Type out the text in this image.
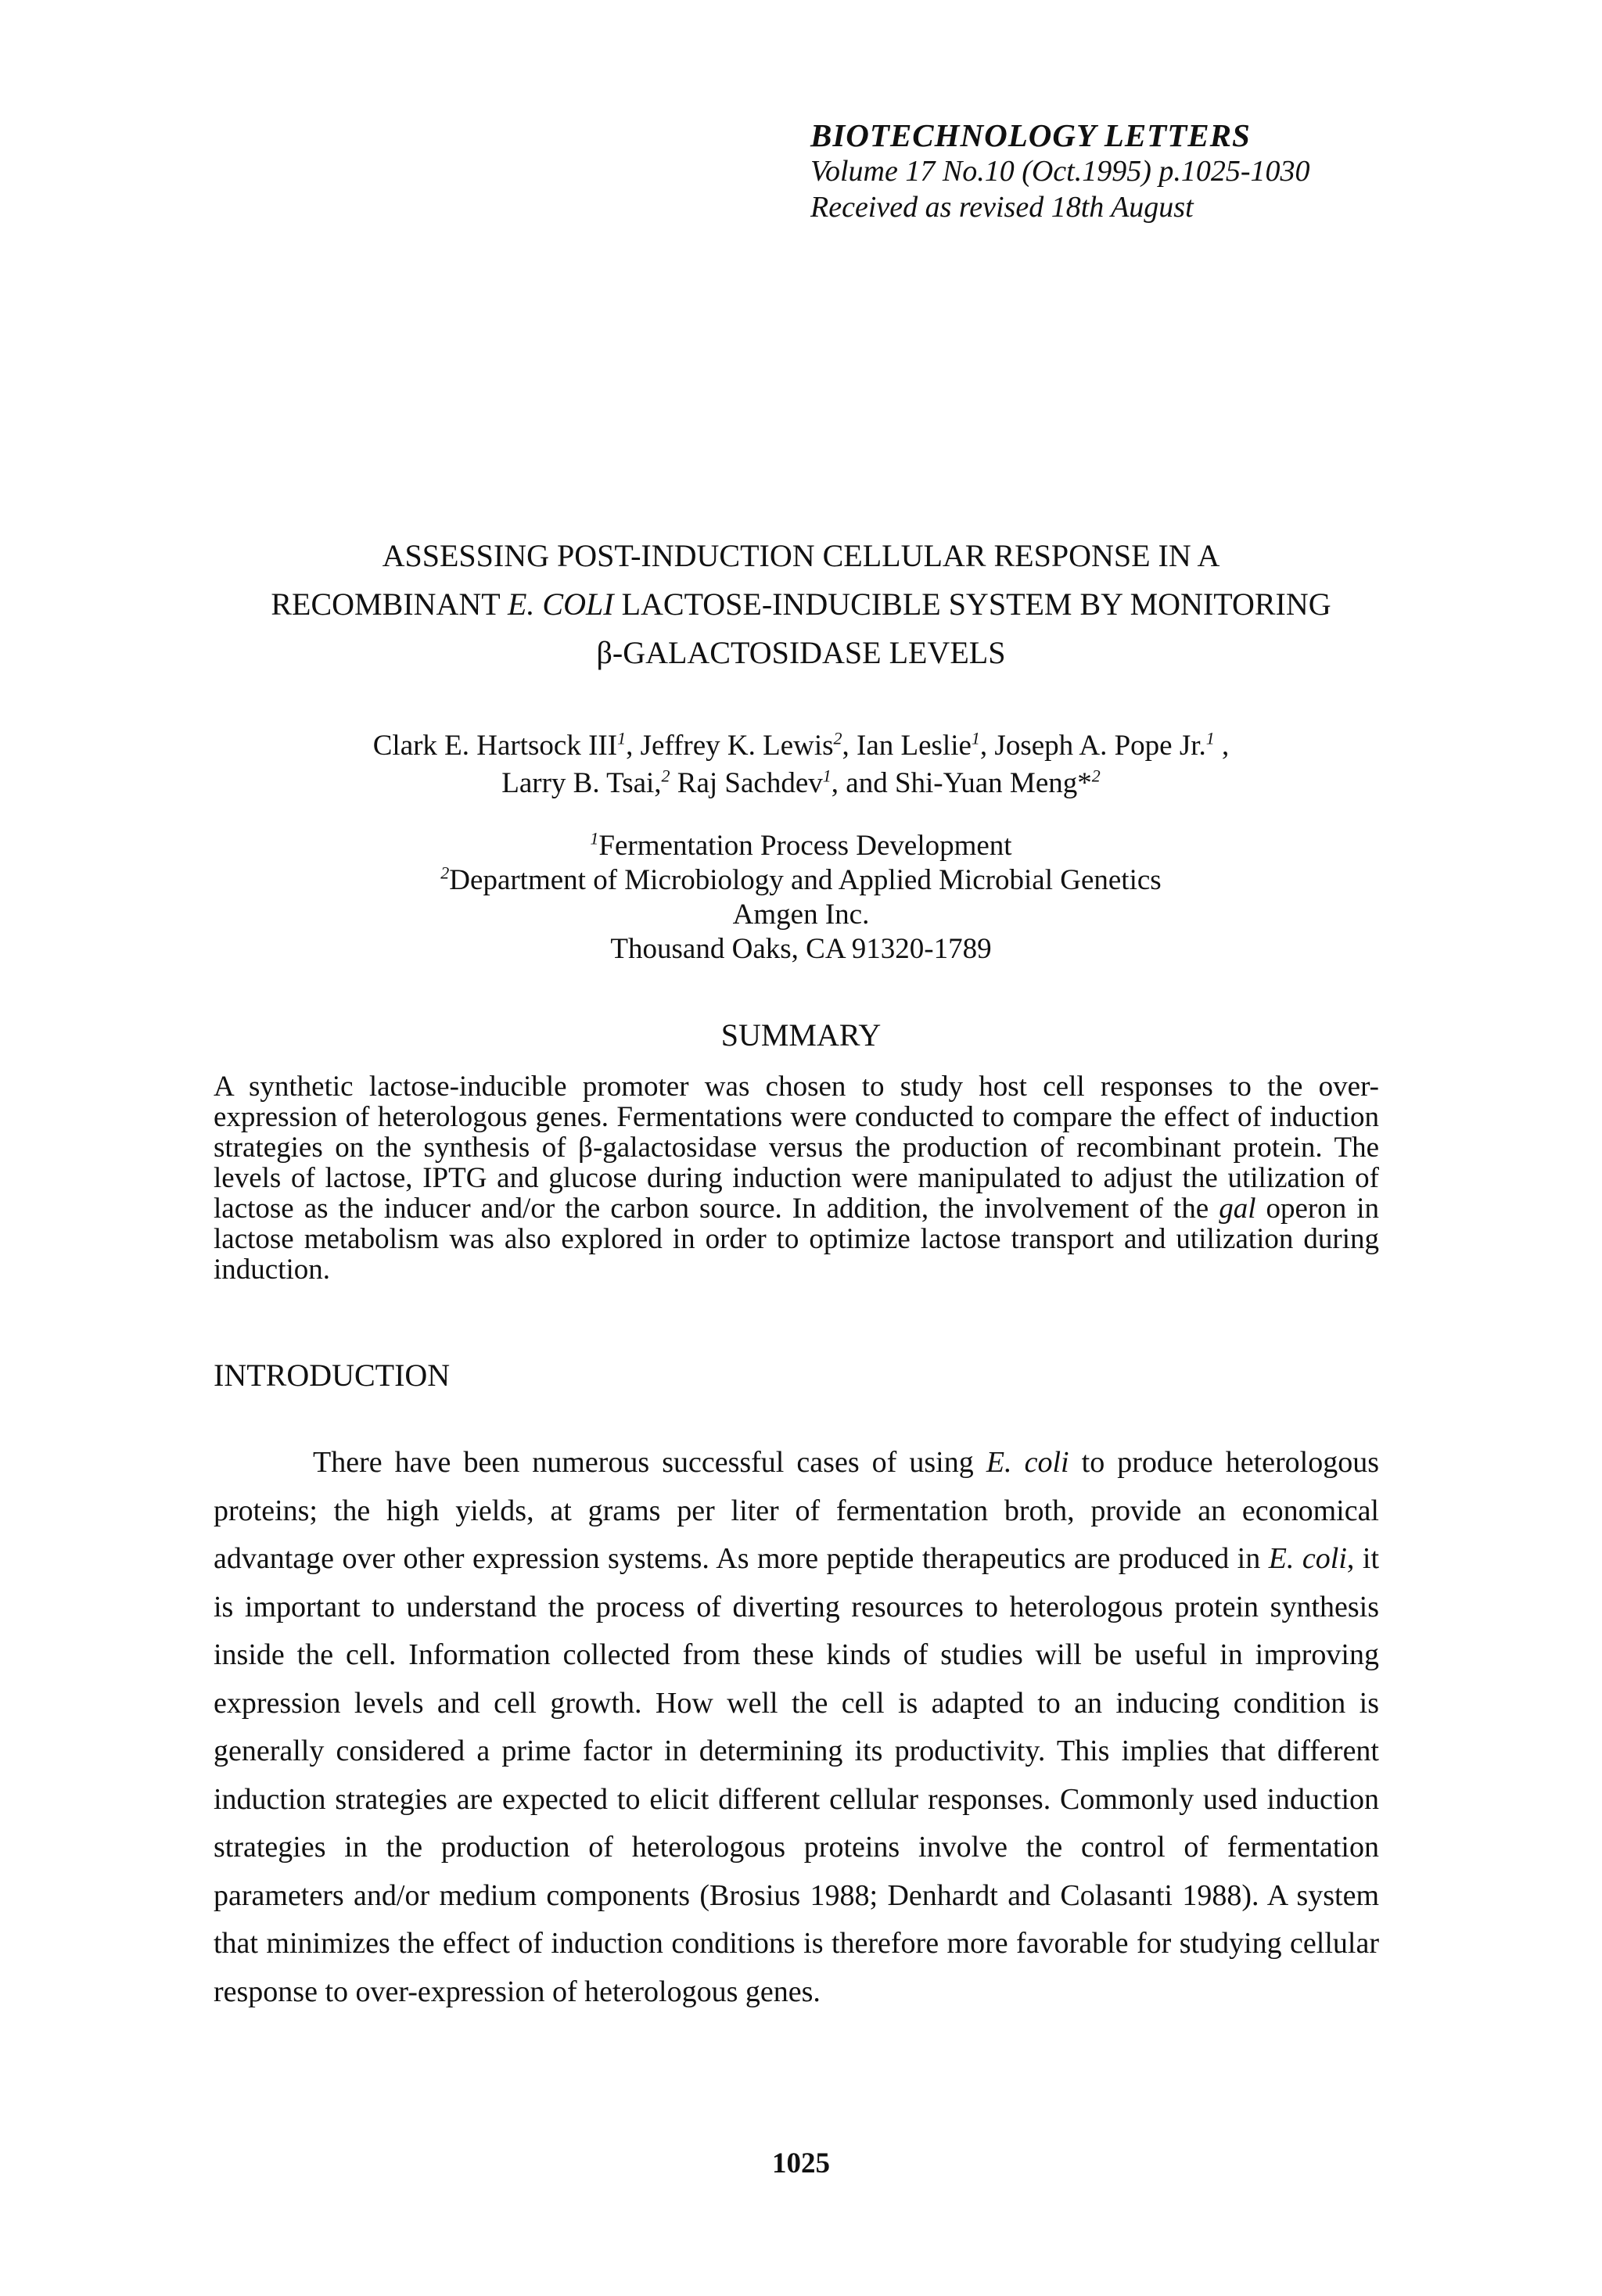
BIOTECHNOLOGY LETTERS
Volume 17 No.10 (Oct.1995) p.1025-1030
Received as revised 18th August
ASSESSING POST-INDUCTION CELLULAR RESPONSE IN A
RECOMBINANT E. COLI LACTOSE-INDUCIBLE SYSTEM BY MONITORING
β-GALACTOSIDASE LEVELS
Clark E. Hartsock III$^1$, Jeffrey K. Lewis$^2$, Ian Leslie$^1$, Joseph A. Pope Jr.$^1$ ,
Larry B. Tsai,$^2$ Raj Sachdev$^1$, and Shi-Yuan Meng*$^2$
$^1$Fermentation Process Development
$^2$Department of Microbiology and Applied Microbial Genetics
Amgen Inc.
Thousand Oaks, CA 91320-1789
SUMMARY

A synthetic lactose-inducible promoter was chosen to study host cell responses to the over-expression of heterologous genes. Fermentations were conducted to compare the effect of induction strategies on the synthesis of β-galactosidase versus the production of recombinant protein. The levels of lactose, IPTG and glucose during induction were manipulated to adjust the utilization of lactose as the inducer and/or the carbon source. In addition, the involvement of the gal operon in lactose metabolism was also explored in order to optimize lactose transport and utilization during induction.

INTRODUCTION

There have been numerous successful cases of using E. coli to produce heterologous proteins; the high yields, at grams per liter of fermentation broth, provide an economical advantage over other expression systems. As more peptide therapeutics are produced in E. coli, it is important to understand the process of diverting resources to heterologous protein synthesis inside the cell. Information collected from these kinds of studies will be useful in improving expression levels and cell growth. How well the cell is adapted to an inducing condition is generally considered a prime factor in determining its productivity. This implies that different induction strategies are expected to elicit different cellular responses. Commonly used induction strategies in the production of heterologous proteins involve the control of fermentation parameters and/or medium components (Brosius 1988; Denhardt and Colasanti 1988). A system that minimizes the effect of induction conditions is therefore more favorable for studying cellular response to over-expression of heterologous genes.

1025
